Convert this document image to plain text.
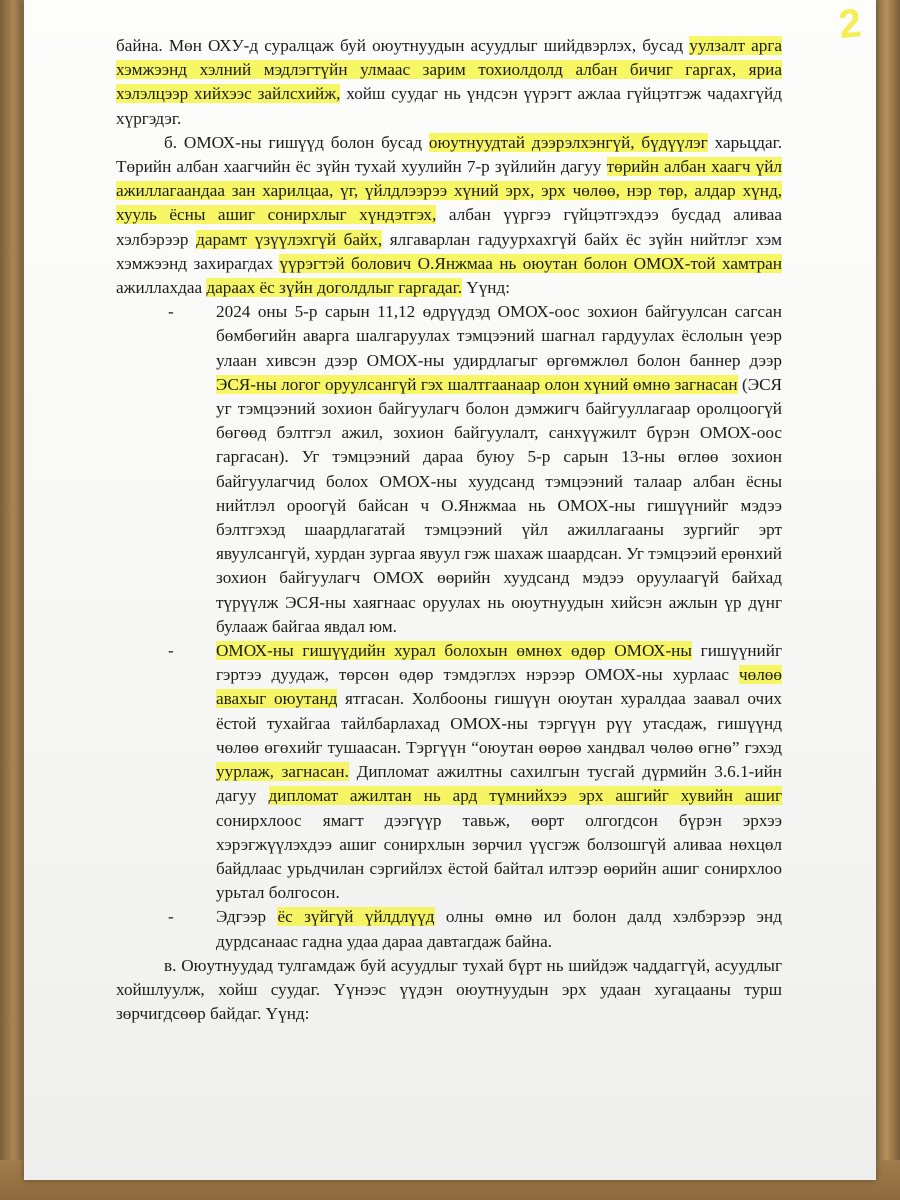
2

байна. Мөн ОХУ-д суралцаж буй оюутнуудын асуудлыг шийдвэрлэх, бусад уулзалт арга хэмжээнд хэлний мэдлэгтүйн улмаас зарим тохиолдолд албан бичиг гаргах, яриа хэлэлцээр хийхээс зайлсхийж, хойш суудаг нь үндсэн үүрэгт ажлаа гүйцэтгэж чадахгүйд хүргэдэг.

б. ОМОХ-ны гишүүд болон бусад оюутнуудтай дээрэлхэнгүй, бүдүүлэг харьцдаг. Төрийн албан хаагчийн ёс зүйн тухай хуулийн 7-р зүйлийн дагуу төрийн албан хаагч үйл ажиллагаандаа зан харилцаа, үг, үйлдлээрээ хүний эрх, эрх чөлөө, нэр төр, алдар хүнд, хууль ёсны ашиг сонирхлыг хүндэтгэх, албан үүргээ гүйцэтгэхдээ бусдад аливаа хэлбэрээр дарамт үзүүлэхгүй байх, ялгаварлан гадуурхахгүй байх ёс зүйн нийтлэг хэм хэмжээнд захирагдах үүрэгтэй болович О.Янжмаа нь оюутан болон ОМОХ-той хамтран ажиллахдаа дараах ёс зүйн доголдлыг гаргадаг. Үүнд:

-	2024 оны 5-р сарын 11,12 өдрүүдэд ОМОХ-оос зохион байгуулсан сагсан бөмбөгийн аварга шалгаруулах тэмцээний шагнал гардуулах ёслолын үеэр улаан хивсэн дээр ОМОХ-ны удирдлагыг өргөмжлөл болон баннер дээр ЭСЯ-ны логог оруулсангүй гэх шалтгаанаар олон хүний өмнө загнасан (ЭСЯ уг тэмцээний зохион байгуулагч болон дэмжигч байгууллагаар оролцоогүй бөгөөд бэлтгэл ажил, зохион байгуулалт, санхүүжилт бүрэн ОМОХ-оос гаргасан). Уг тэмцээний дараа буюу 5-р сарын 13-ны өглөө зохион байгуулагчид болох ОМОХ-ны хуудсанд тэмцээний талаар албан ёсны нийтлэл ороогүй байсан ч О.Янжмаа нь ОМОХ-ны гишүүнийг мэдээ бэлтгэхэд шаардлагатай тэмцээний үйл ажиллагааны зургийг эрт явуулсангүй, хурдан зургаа явуул гэж шахаж шаардсан. Уг тэмцээий ерөнхий зохион байгуулагч ОМОХ өөрийн хуудсанд мэдээ оруулаагүй байхад түрүүлж ЭСЯ-ны хаягнаас оруулах нь оюутнуудын хийсэн ажлын үр дүнг булааж байгаа явдал юм.

-	ОМОХ-ны гишүүдийн хурал болохын өмнөх өдөр ОМОХ-ны гишүүнийг гэртээ дуудаж, төрсөн өдөр тэмдэглэх нэрээр ОМОХ-ны хурлаас чөлөө авахыг оюутанд ятгасан. Холбооны гишүүн оюутан хуралдаа заавал очих ёстой тухайгаа тайлбарлахад ОМОХ-ны тэргүүн рүү утасдаж, гишүүнд чөлөө өгөхийг тушаасан. Тэргүүн “оюутан өөрөө хандвал чөлөө өгнө” гэхэд уурлаж, загнасан. Дипломат ажилтны сахилгын тусгай дүрмийн 3.6.1-ийн дагуу дипломат ажилтан нь ард түмнийхээ эрх ашгийг хувийн ашиг сонирхлоос ямагт дээгүүр тавьж, өөрт олгогдсон бүрэн эрхээ хэрэгжүүлэхдээ ашиг сонирхлын зөрчил үүсгэж болзошгүй аливаа нөхцөл байдлаас урьдчилан сэргийлэх ёстой байтал илтээр өөрийн ашиг сонирхлоо урьтал болгосон.

-	Эдгээр ёс зүйгүй үйлдлүүд олны өмнө ил болон далд хэлбэрээр энд дурдсанаас гадна удаа дараа давтагдаж байна.

в. Оюутнуудад тулгамдаж буй асуудлыг тухай бүрт нь шийдэж чаддаггүй, асуудлыг хойшлуулж, хойш суудаг. Үүнээс үүдэн оюутнуудын эрх удаан хугацааны турш зөрчигдсөөр байдаг. Үүнд:
